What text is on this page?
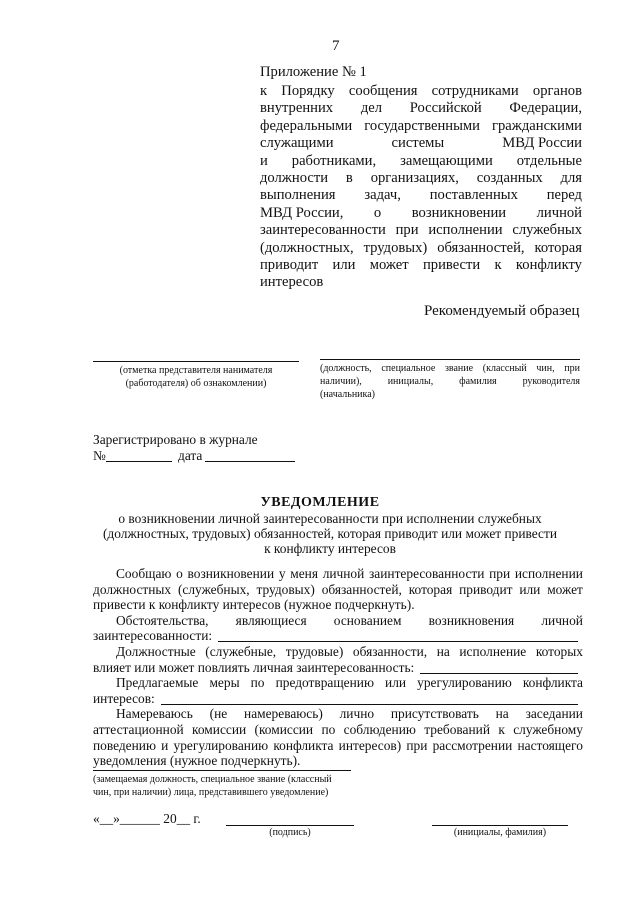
7
Приложение № 1
к Порядку сообщения сотрудниками органов
внутренних дел Российской Федерации,
федеральными государственными гражданскими
служащими	системы	МВД России
и работниками, замещающими отдельные
должности в организациях, созданных для
выполнения задач, поставленных перед
МВД России, о возникновении личной
заинтересованности при исполнении служебных
(должностных, трудовых) обязанностей, которая
приводит или может привести к конфликту
интересов
Рекомендуемый образец
(отметка представителя нанимателя
(работодателя) об ознакомлении)
(должность, специальное звание (классный чин, при
наличии),	инициалы,	фамилия	руководителя
(начальника)
Зарегистрировано в журнале
№	дата
УВЕДОМЛЕНИЕ
о возникновении личной заинтересованности при исполнении служебных
(должностных, трудовых) обязанностей, которая приводит или может привести
к конфликту интересов
Сообщаю о возникновении у меня личной заинтересованности при исполнении
должностных (служебных, трудовых) обязанностей, которая приводит или может
привести к конфликту интересов (нужное подчеркнуть).
Обстоятельства, являющиеся основанием возникновения личной
заинтересованности:
Должностные (служебные, трудовые) обязанности, на исполнение которых
влияет или может повлиять личная заинтересованность:
Предлагаемые меры по предотвращению или урегулированию конфликта
интересов:
Намереваюсь (не намереваюсь) лично присутствовать на заседании
аттестационной комиссии (комиссии по соблюдению требований к служебному
поведению и урегулированию конфликта интересов) при рассмотрении настоящего
уведомления (нужное подчеркнуть).
(замещаемая должность, специальное звание (классный
чин, при наличии) лица, представившего уведомление)
«__»______ 20__ г.
(подпись)	(инициалы, фамилия)
